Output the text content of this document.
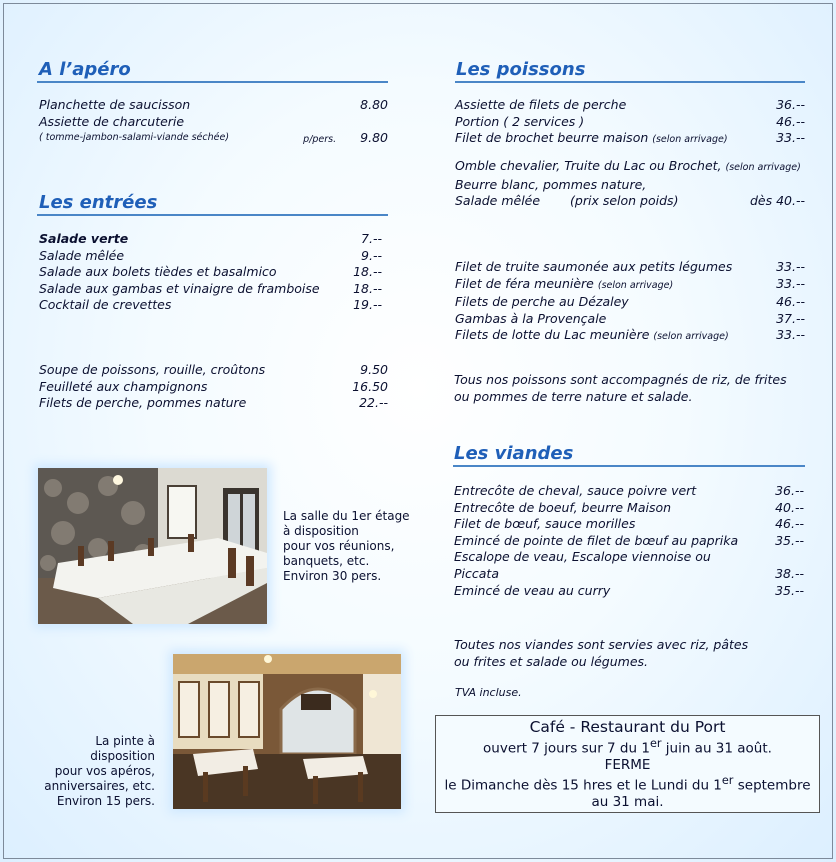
A l’apéro
Planchette de saucisson	8.80
Assiette de charcuterie
( tomme-jambon-salami-viande séchée)	p/pers. 9.80
Les entrées
Salade verte	7.--
Salade mêlée	9.--
Salade aux bolets tièdes et basalmico	18.--
Salade aux gambas et vinaigre de framboise	18.--
Cocktail de crevettes	19.--
Soupe de poissons, rouille, croûtons	9.50
Feuilleté aux champignons	16.50
Filets de perche, pommes nature	22.--
La salle du 1er étage
à disposition
pour vos réunions,
banquets, etc.
Environ 30 pers.
La pinte à
disposition
pour vos apéros,
anniversaires, etc.
Environ 15 pers.
Les poissons
Assiette de filets de perche	36.--
Portion ( 2 services )	46.--
Filet de brochet beurre maison (selon arrivage)	33.--
Omble chevalier, Truite du Lac ou Brochet, (selon arrivage)
Beurre blanc, pommes nature,
Salade mêlée (prix selon poids)	dès 40.--
Filet de truite saumonée aux petits légumes	33.--
Filet de féra meunière (selon arrivage)	33.--
Filets de perche au Dézaley	46.--
Gambas à la Provençale	37.--
Filets de lotte du Lac meunière (selon arrivage)	33.--
Tous nos poissons sont accompagnés de riz, de frites
ou pommes de terre nature et salade.
Les viandes
Entrecôte de cheval, sauce poivre vert	36.--
Entrecôte de boeuf, beurre Maison	40.--
Filet de bœuf, sauce morilles	46.--
Emincé de pointe de filet de bœuf au paprika	35.--
Escalope de veau, Escalope viennoise ou
Piccata	38.--
Emincé de veau au curry	35.--
Toutes nos viandes sont servies avec riz, pâtes
ou frites et salade ou légumes.
TVA incluse.
Café - Restaurant du Port
ouvert 7 jours sur 7 du 1er juin au 31 août.
FERME
le Dimanche dès 15 hres et le Lundi du 1er septembre
au 31 mai.
